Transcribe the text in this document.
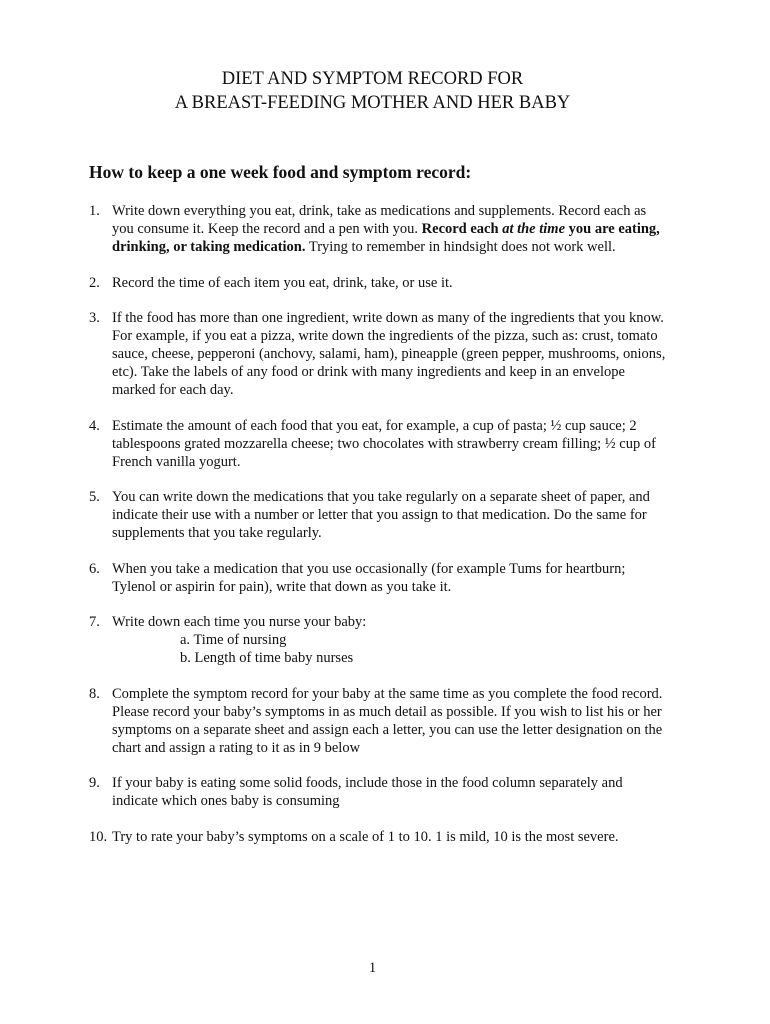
DIET AND SYMPTOM RECORD FOR
A BREAST-FEEDING MOTHER AND HER BABY
How to keep a one week food and symptom record:
1. Write down everything you eat, drink, take as medications and supplements. Record each as you consume it. Keep the record and a pen with you. Record each at the time you are eating, drinking, or taking medication. Trying to remember in hindsight does not work well.
2. Record the time of each item you eat, drink, take, or use it.
3. If the food has more than one ingredient, write down as many of the ingredients that you know. For example, if you eat a pizza, write down the ingredients of the pizza, such as: crust, tomato sauce, cheese, pepperoni (anchovy, salami, ham), pineapple (green pepper, mushrooms, onions, etc). Take the labels of any food or drink with many ingredients and keep in an envelope marked for each day.
4. Estimate the amount of each food that you eat, for example, a cup of pasta; ½ cup sauce; 2 tablespoons grated mozzarella cheese; two chocolates with strawberry cream filling; ½ cup of French vanilla yogurt.
5. You can write down the medications that you take regularly on a separate sheet of paper, and indicate their use with a number or letter that you assign to that medication. Do the same for supplements that you take regularly.
6. When you take a medication that you use occasionally (for example Tums for heartburn; Tylenol or aspirin for pain), write that down as you take it.
7. Write down each time you nurse your baby:
a. Time of nursing
b. Length of time baby nurses
8. Complete the symptom record for your baby at the same time as you complete the food record. Please record your baby’s symptoms in as much detail as possible. If you wish to list his or her symptoms on a separate sheet and assign each a letter, you can use the letter designation on the chart and assign a rating to it as in 9 below
9. If your baby is eating some solid foods, include those in the food column separately and indicate which ones baby is consuming
10. Try to rate your baby’s symptoms on a scale of 1 to 10. 1 is mild, 10 is the most severe.
1
